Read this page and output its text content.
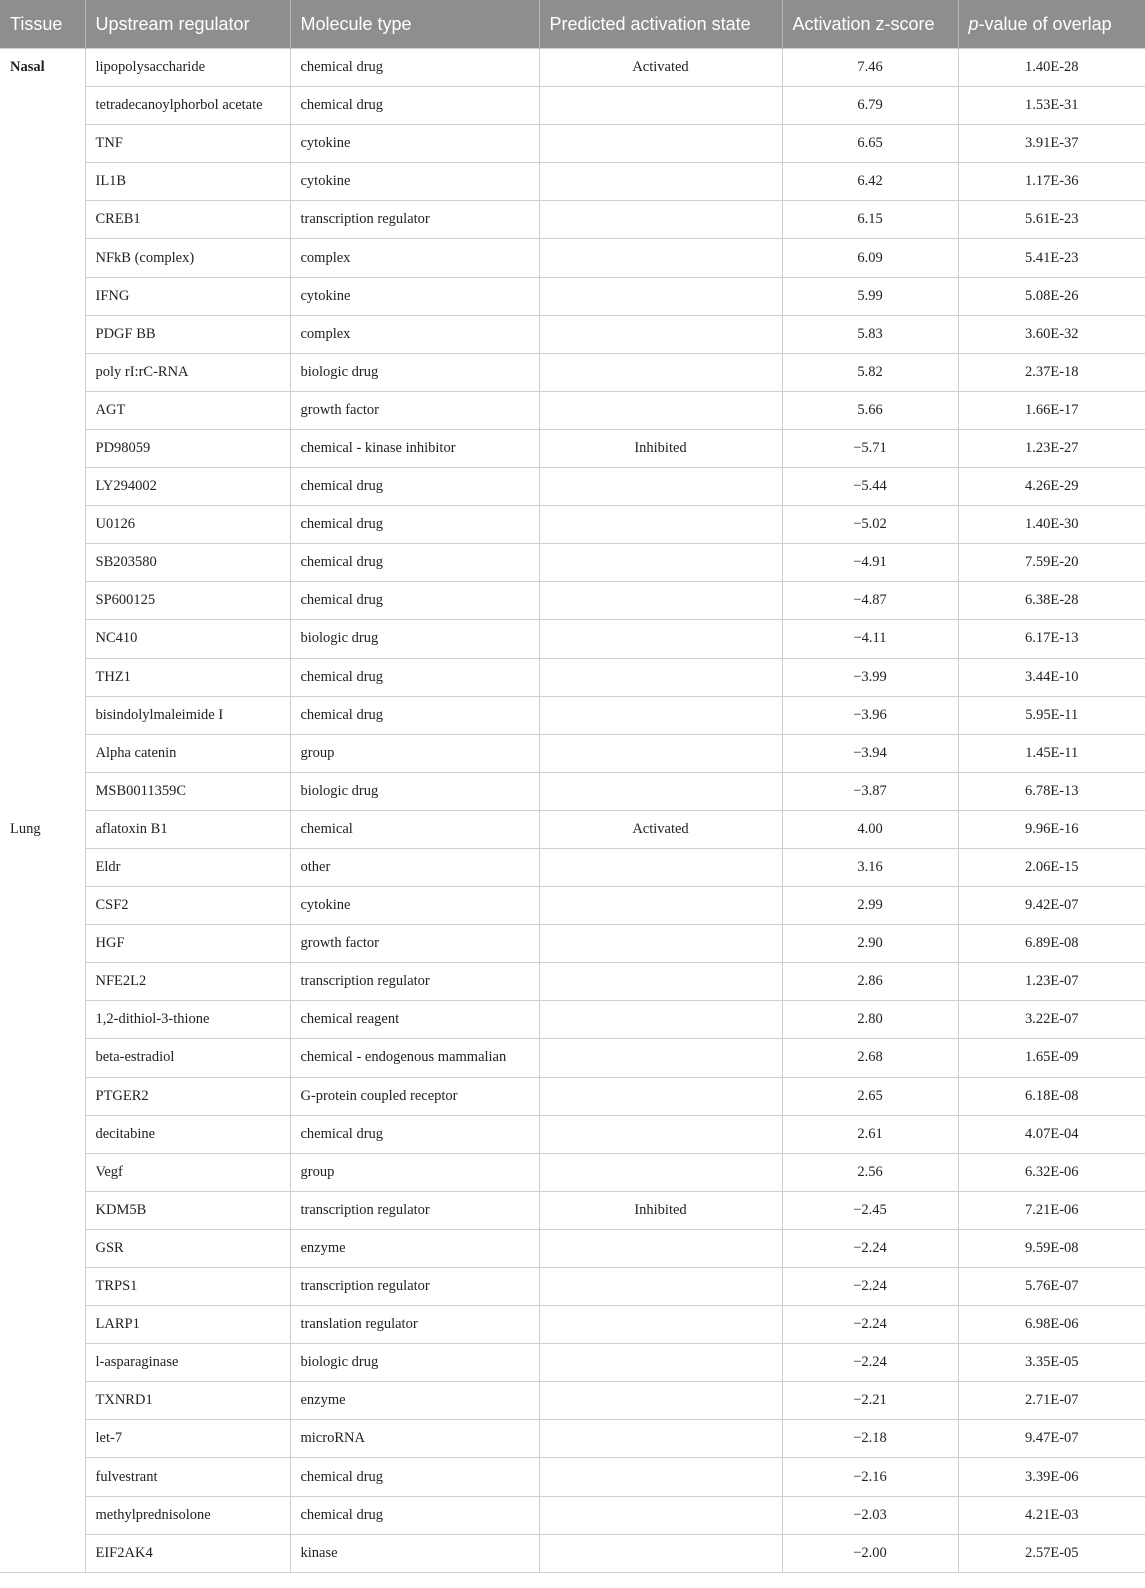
Tissue	Upstream regulator	Molecule type	Predicted activation state	Activation z-score	p-value of overlap
Nasal	lipopolysaccharide	chemical drug	Activated	7.46	1.40E-28
	tetradecanoylphorbol acetate	chemical drug		6.79	1.53E-31
	TNF	cytokine		6.65	3.91E-37
	IL1B	cytokine		6.42	1.17E-36
	CREB1	transcription regulator		6.15	5.61E-23
	NFkB (complex)	complex		6.09	5.41E-23
	IFNG	cytokine		5.99	5.08E-26
	PDGF BB	complex		5.83	3.60E-32
	poly rI:rC-RNA	biologic drug		5.82	2.37E-18
	AGT	growth factor		5.66	1.66E-17
	PD98059	chemical - kinase inhibitor	Inhibited	−5.71	1.23E-27
	LY294002	chemical drug		−5.44	4.26E-29
	U0126	chemical drug		−5.02	1.40E-30
	SB203580	chemical drug		−4.91	7.59E-20
	SP600125	chemical drug		−4.87	6.38E-28
	NC410	biologic drug		−4.11	6.17E-13
	THZ1	chemical drug		−3.99	3.44E-10
	bisindolylmaleimide I	chemical drug		−3.96	5.95E-11
	Alpha catenin	group		−3.94	1.45E-11
	MSB0011359C	biologic drug		−3.87	6.78E-13
Lung	aflatoxin B1	chemical	Activated	4.00	9.96E-16
	Eldr	other		3.16	2.06E-15
	CSF2	cytokine		2.99	9.42E-07
	HGF	growth factor		2.90	6.89E-08
	NFE2L2	transcription regulator		2.86	1.23E-07
	1,2-dithiol-3-thione	chemical reagent		2.80	3.22E-07
	beta-estradiol	chemical - endogenous mammalian		2.68	1.65E-09
	PTGER2	G-protein coupled receptor		2.65	6.18E-08
	decitabine	chemical drug		2.61	4.07E-04
	Vegf	group		2.56	6.32E-06
	KDM5B	transcription regulator	Inhibited	−2.45	7.21E-06
	GSR	enzyme		−2.24	9.59E-08
	TRPS1	transcription regulator		−2.24	5.76E-07
	LARP1	translation regulator		−2.24	6.98E-06
	l-asparaginase	biologic drug		−2.24	3.35E-05
	TXNRD1	enzyme		−2.21	2.71E-07
	let-7	microRNA		−2.18	9.47E-07
	fulvestrant	chemical drug		−2.16	3.39E-06
	methylprednisolone	chemical drug		−2.03	4.21E-03
	EIF2AK4	kinase		−2.00	2.57E-05
